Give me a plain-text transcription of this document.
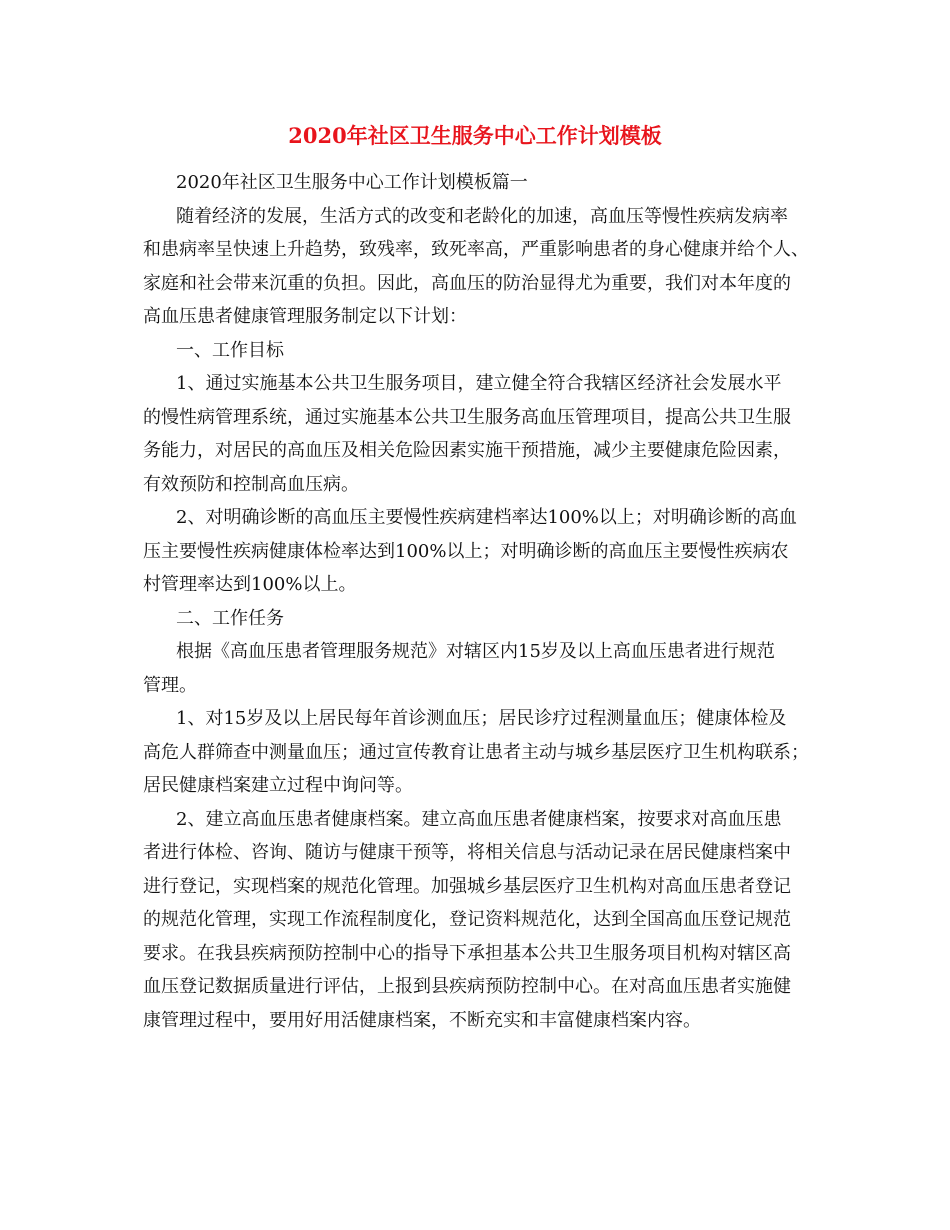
2020年社区卫生服务中心工作计划模板
2020年社区卫生服务中心工作计划模板篇一
随着经济的发展，生活方式的改变和老龄化的加速，高血压等慢性疾病发病率
和患病率呈快速上升趋势，致残率，致死率高，严重影响患者的身心健康并给个人、
家庭和社会带来沉重的负担。因此，高血压的防治显得尤为重要，我们对本年度的
高血压患者健康管理服务制定以下计划：
一、工作目标
1、通过实施基本公共卫生服务项目，建立健全符合我辖区经济社会发展水平
的慢性病管理系统，通过实施基本公共卫生服务高血压管理项目，提高公共卫生服
务能力，对居民的高血压及相关危险因素实施干预措施，减少主要健康危险因素，
有效预防和控制高血压病。
2、对明确诊断的高血压主要慢性疾病建档率达100%以上；对明确诊断的高血
压主要慢性疾病健康体检率达到100%以上；对明确诊断的高血压主要慢性疾病农
村管理率达到100%以上。
二、工作任务
根据《高血压患者管理服务规范》对辖区内15岁及以上高血压患者进行规范
管理。
1、对15岁及以上居民每年首诊测血压；居民诊疗过程测量血压；健康体检及
高危人群筛查中测量血压；通过宣传教育让患者主动与城乡基层医疗卫生机构联系；
居民健康档案建立过程中询问等。
2、建立高血压患者健康档案。建立高血压患者健康档案，按要求对高血压患
者进行体检、咨询、随访与健康干预等，将相关信息与活动记录在居民健康档案中
进行登记，实现档案的规范化管理。加强城乡基层医疗卫生机构对高血压患者登记
的规范化管理，实现工作流程制度化，登记资料规范化，达到全国高血压登记规范
要求。在我县疾病预防控制中心的指导下承担基本公共卫生服务项目机构对辖区高
血压登记数据质量进行评估，上报到县疾病预防控制中心。在对高血压患者实施健
康管理过程中，要用好用活健康档案，不断充实和丰富健康档案内容。
